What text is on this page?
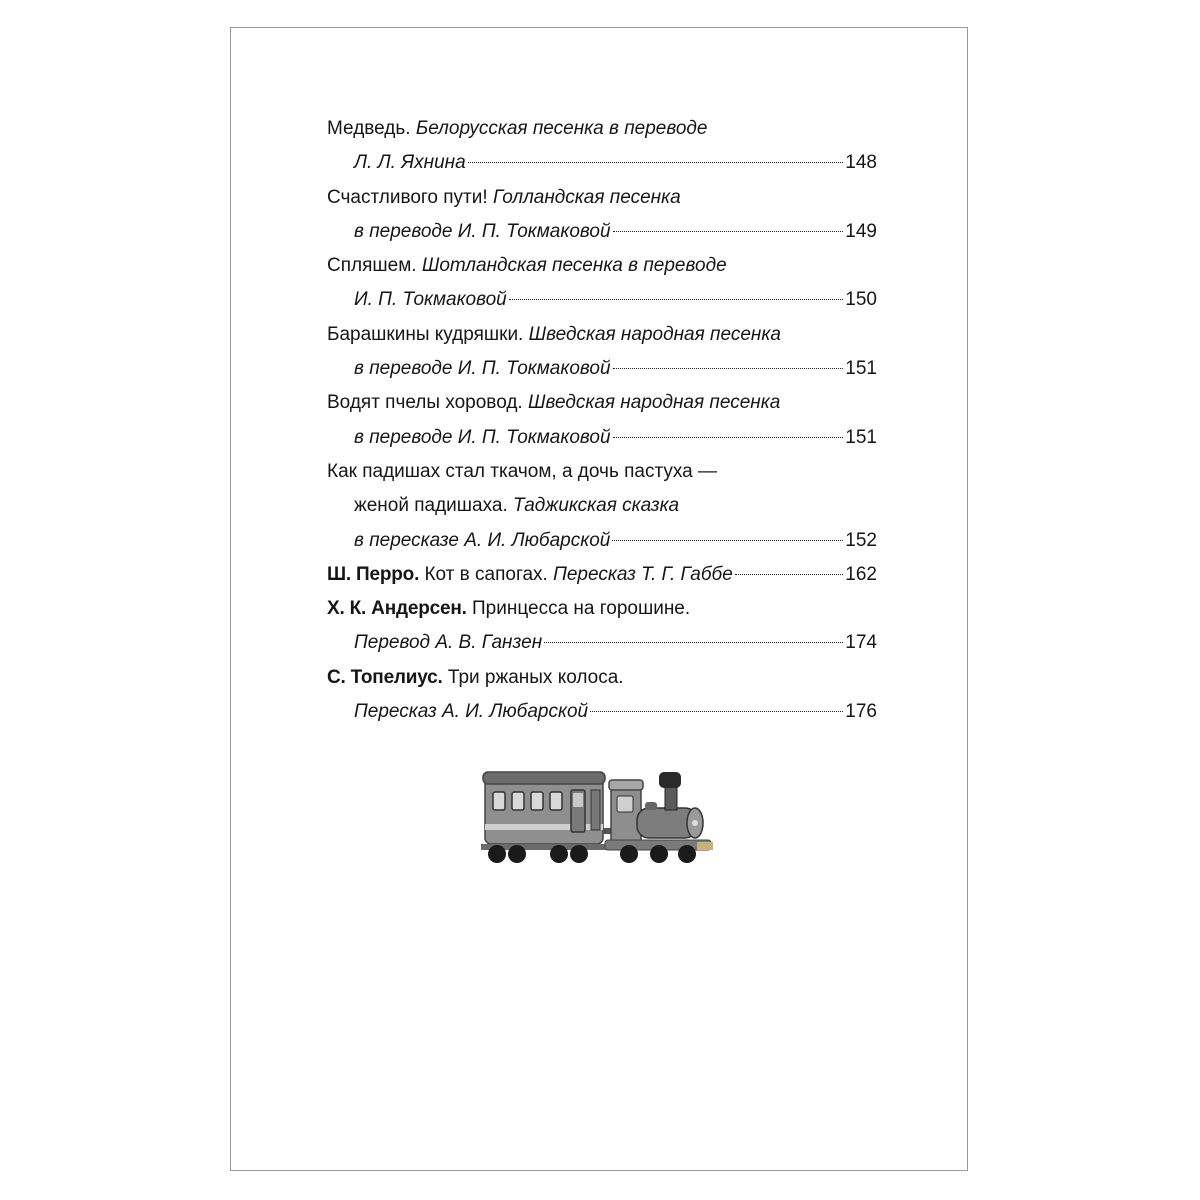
Медведь. Белорусская песенка в переводе
Л. Л. Яхнина	148
Счастливого пути! Голландская песенка
в переводе И. П. Токмаковой	149
Спляшем. Шотландская песенка в переводе
И. П. Токмаковой	150
Барашкины кудряшки. Шведская народная песенка
в переводе И. П. Токмаковой	151
Водят пчелы хоровод. Шведская народная песенка
в переводе И. П. Токмаковой	151
Как падишах стал ткачом, а дочь пастуха —
женой падишаха. Таджикская сказка
в пересказе А. И. Любарской	152
Ш. Перро. Кот в сапогах. Пересказ Т. Г. Габбе	162
Х. К. Андерсен. Принцесса на горошине.
Перевод А. В. Ганзен	174
С. Топелиус. Три ржаных колоса.
Пересказ А. И. Любарской	176
